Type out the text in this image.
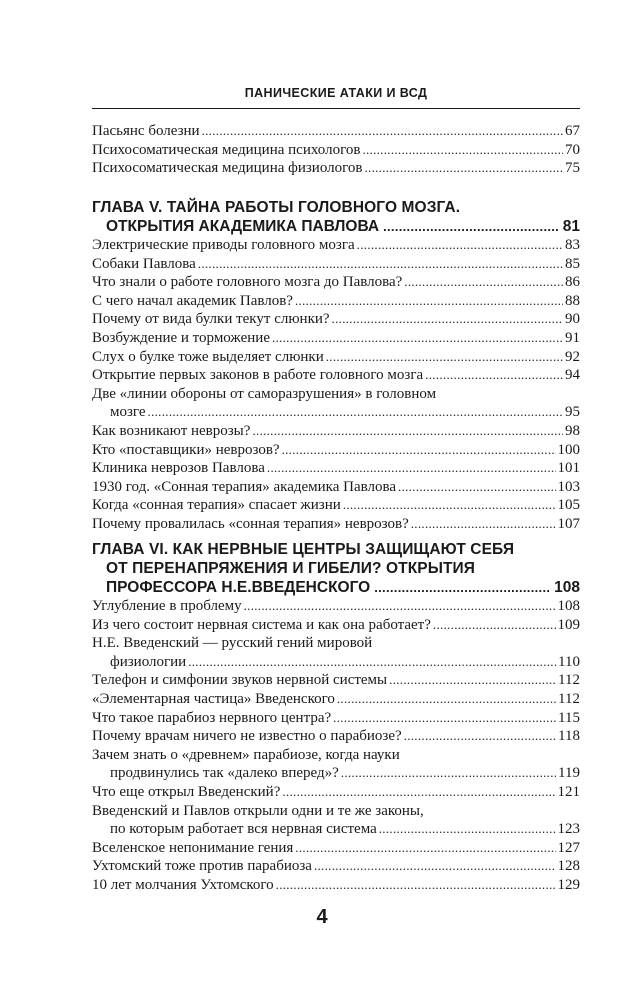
ПАНИЧЕСКИЕ АТАКИ И ВСД
Пасьянс болезни .....	67
Психосоматическая медицина психологов .....	70
Психосоматическая медицина физиологов .....	75
ГЛАВА V. ТАЙНА РАБОТЫ ГОЛОВНОГО МОЗГА.
ОТКРЫТИЯ АКАДЕМИКА ПАВЛОВА .....	81
Электрические приводы головного мозга .....	83
Собаки Павлова .....	85
Что знали о работе головного мозга до Павлова? .....	86
С чего начал академик Павлов? .....	88
Почему от вида булки текут слюнки? .....	90
Возбуждение и торможение .....	91
Слух о булке тоже выделяет слюнки .....	92
Открытие первых законов в работе головного мозга .....	94
Две «линии обороны от саморазрушения» в головном
мозге .....	95
Как возникают неврозы? .....	98
Кто «поставщики» неврозов? .....	100
Клиника неврозов Павлова .....	101
1930 год. «Сонная терапия» академика Павлова .....	103
Когда «сонная терапия» спасает жизни .....	105
Почему провалилась «сонная терапия» неврозов? .....	107
ГЛАВА VI. КАК НЕРВНЫЕ ЦЕНТРЫ ЗАЩИЩАЮТ СЕБЯ
ОТ ПЕРЕНАПРЯЖЕНИЯ И ГИБЕЛИ? ОТКРЫТИЯ
ПРОФЕССОРА Н.Е.ВВЕДЕНСКОГО .....	108
Углубление в проблему .....	108
Из чего состоит нервная система и как она работает? .....	109
Н.Е. Введенский — русский гений мировой
физиологии .....	110
Телефон и симфонии звуков нервной системы .....	112
«Элементарная частица» Введенского .....	112
Что такое парабиоз нервного центра? .....	115
Почему врачам ничего не известно о парабиозе? .....	118
Зачем знать о «древнем» парабиозе, когда науки
продвинулись так «далеко вперед»? .....	119
Что еще открыл Введенский? .....	121
Введенский и Павлов открыли одни и те же законы,
по которым работает вся нервная система .....	123
Вселенское непонимание гения .....	127
Ухтомский тоже против парабиоза .....	128
10 лет молчания Ухтомского .....	129
4
